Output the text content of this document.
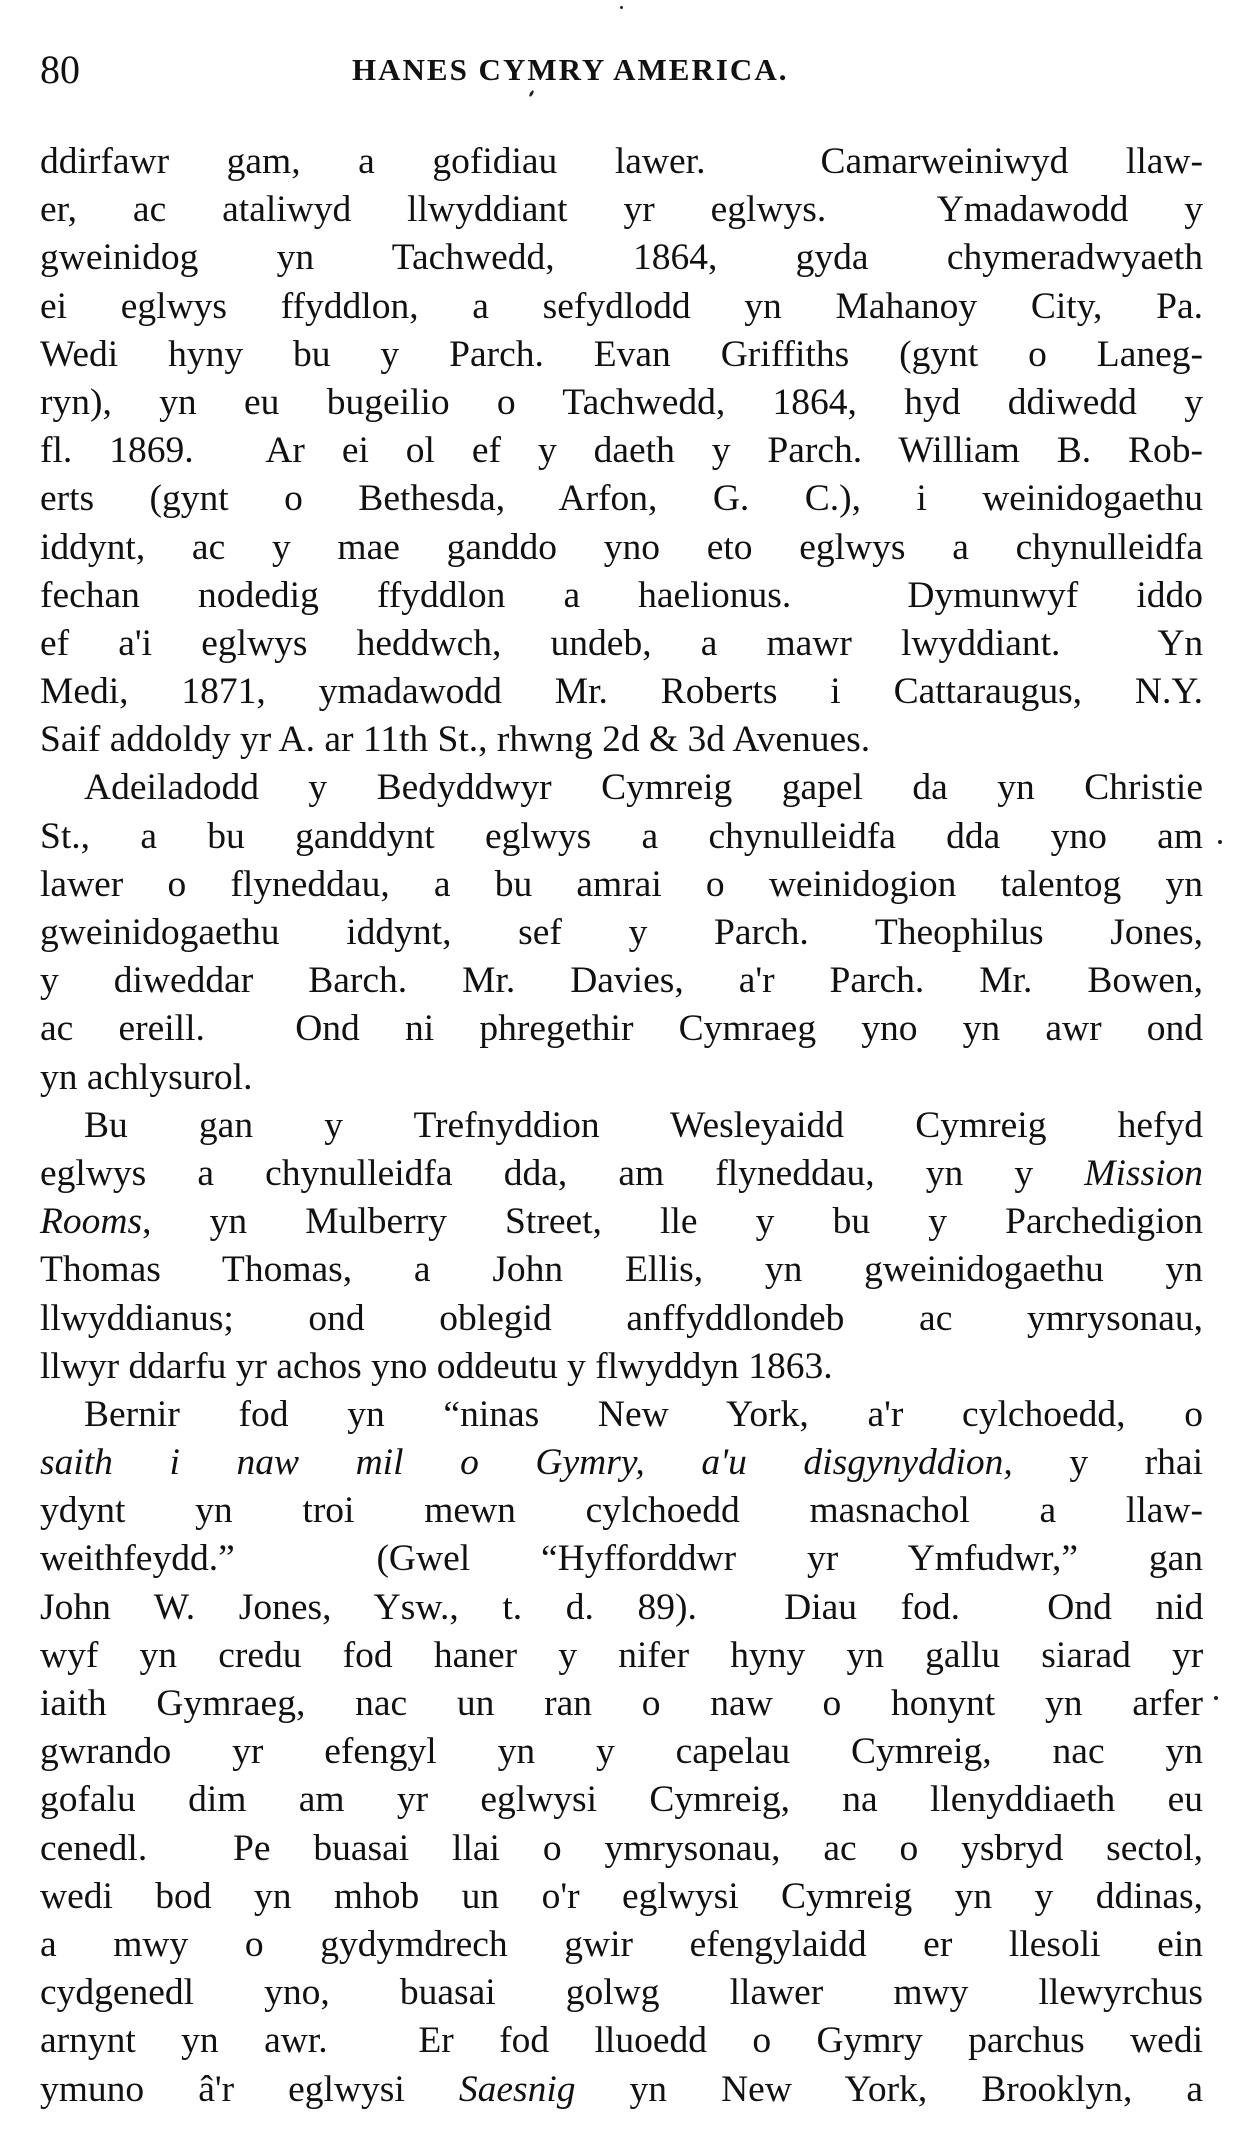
80	HANES CYMRY AMERICA.

ddirfawr gam, a gofidiau lawer.  Camarweiniwyd llaw-
er, ac ataliwyd llwyddiant yr eglwys.  Ymadawodd y
gweinidog yn Tachwedd, 1864, gyda chymeradwyaeth
ei eglwys ffyddlon, a sefydlodd yn Mahanoy City, Pa.
Wedi hyny bu y Parch. Evan Griffiths (gynt o Laneg-
ryn), yn eu bugeilio o Tachwedd, 1864, hyd ddiwedd y
fl. 1869.  Ar ei ol ef y daeth y Parch. William B. Rob-
erts (gynt o Bethesda, Arfon, G. C.), i weinidogaethu
iddynt, ac y mae ganddo yno eto eglwys a chynulleidfa
fechan nodedig ffyddlon a haelionus.  Dymunwyf iddo
ef a'i eglwys heddwch, undeb, a mawr lwyddiant.  Yn
Medi, 1871, ymadawodd Mr. Roberts i Cattaraugus, N.Y.
Saif addoldy yr A. ar 11th St., rhwng 2d & 3d Avenues.

Adeiladodd y Bedyddwyr Cymreig gapel da yn Christie
St., a bu ganddynt eglwys a chynulleidfa dda yno am
lawer o flyneddau, a bu amrai o weinidogion talentog yn
gweinidogaethu iddynt, sef y Parch. Theophilus Jones,
y diweddar Barch. Mr. Davies, a'r Parch. Mr. Bowen,
ac ereill.  Ond ni phregethir Cymraeg yno yn awr ond
yn achlysurol.

Bu gan y Trefnyddion Wesleyaidd Cymreig hefyd
eglwys a chynulleidfa dda, am flyneddau, yn y Mission
Rooms, yn Mulberry Street, lle y bu y Parchedigion
Thomas Thomas, a John Ellis, yn gweinidogaethu yn
llwyddianus; ond oblegid anffyddlondeb ac ymrysonau,
llwyr ddarfu yr achos yno oddeutu y flwyddyn 1863.

Bernir fod yn “ninas New York, a'r cylchoedd, o
saith i naw mil o Gymry, a'u disgynyddion, y rhai
ydynt yn troi mewn cylchoedd masnachol a llaw-
weithfeydd.”  (Gwel “Hyfforddwr yr Ymfudwr,” gan
John W. Jones, Ysw., t. d. 89).  Diau fod.  Ond nid
wyf yn credu fod haner y nifer hyny yn gallu siarad yr
iaith Gymraeg, nac un ran o naw o honynt yn arfer
gwrando yr efengyl yn y capelau Cymreig, nac yn
gofalu dim am yr eglwysi Cymreig, na llenyddiaeth eu
cenedl.  Pe buasai llai o ymrysonau, ac o ysbryd sectol,
wedi bod yn mhob un o'r eglwysi Cymreig yn y ddinas,
a mwy o gydymdrech gwir efengylaidd er llesoli ein
cydgenedl yno, buasai golwg llawer mwy llewyrchus
arnynt yn awr.  Er fod lluoedd o Gymry parchus wedi
ymuno â'r eglwysi Saesnig yn New York, Brooklyn, a
